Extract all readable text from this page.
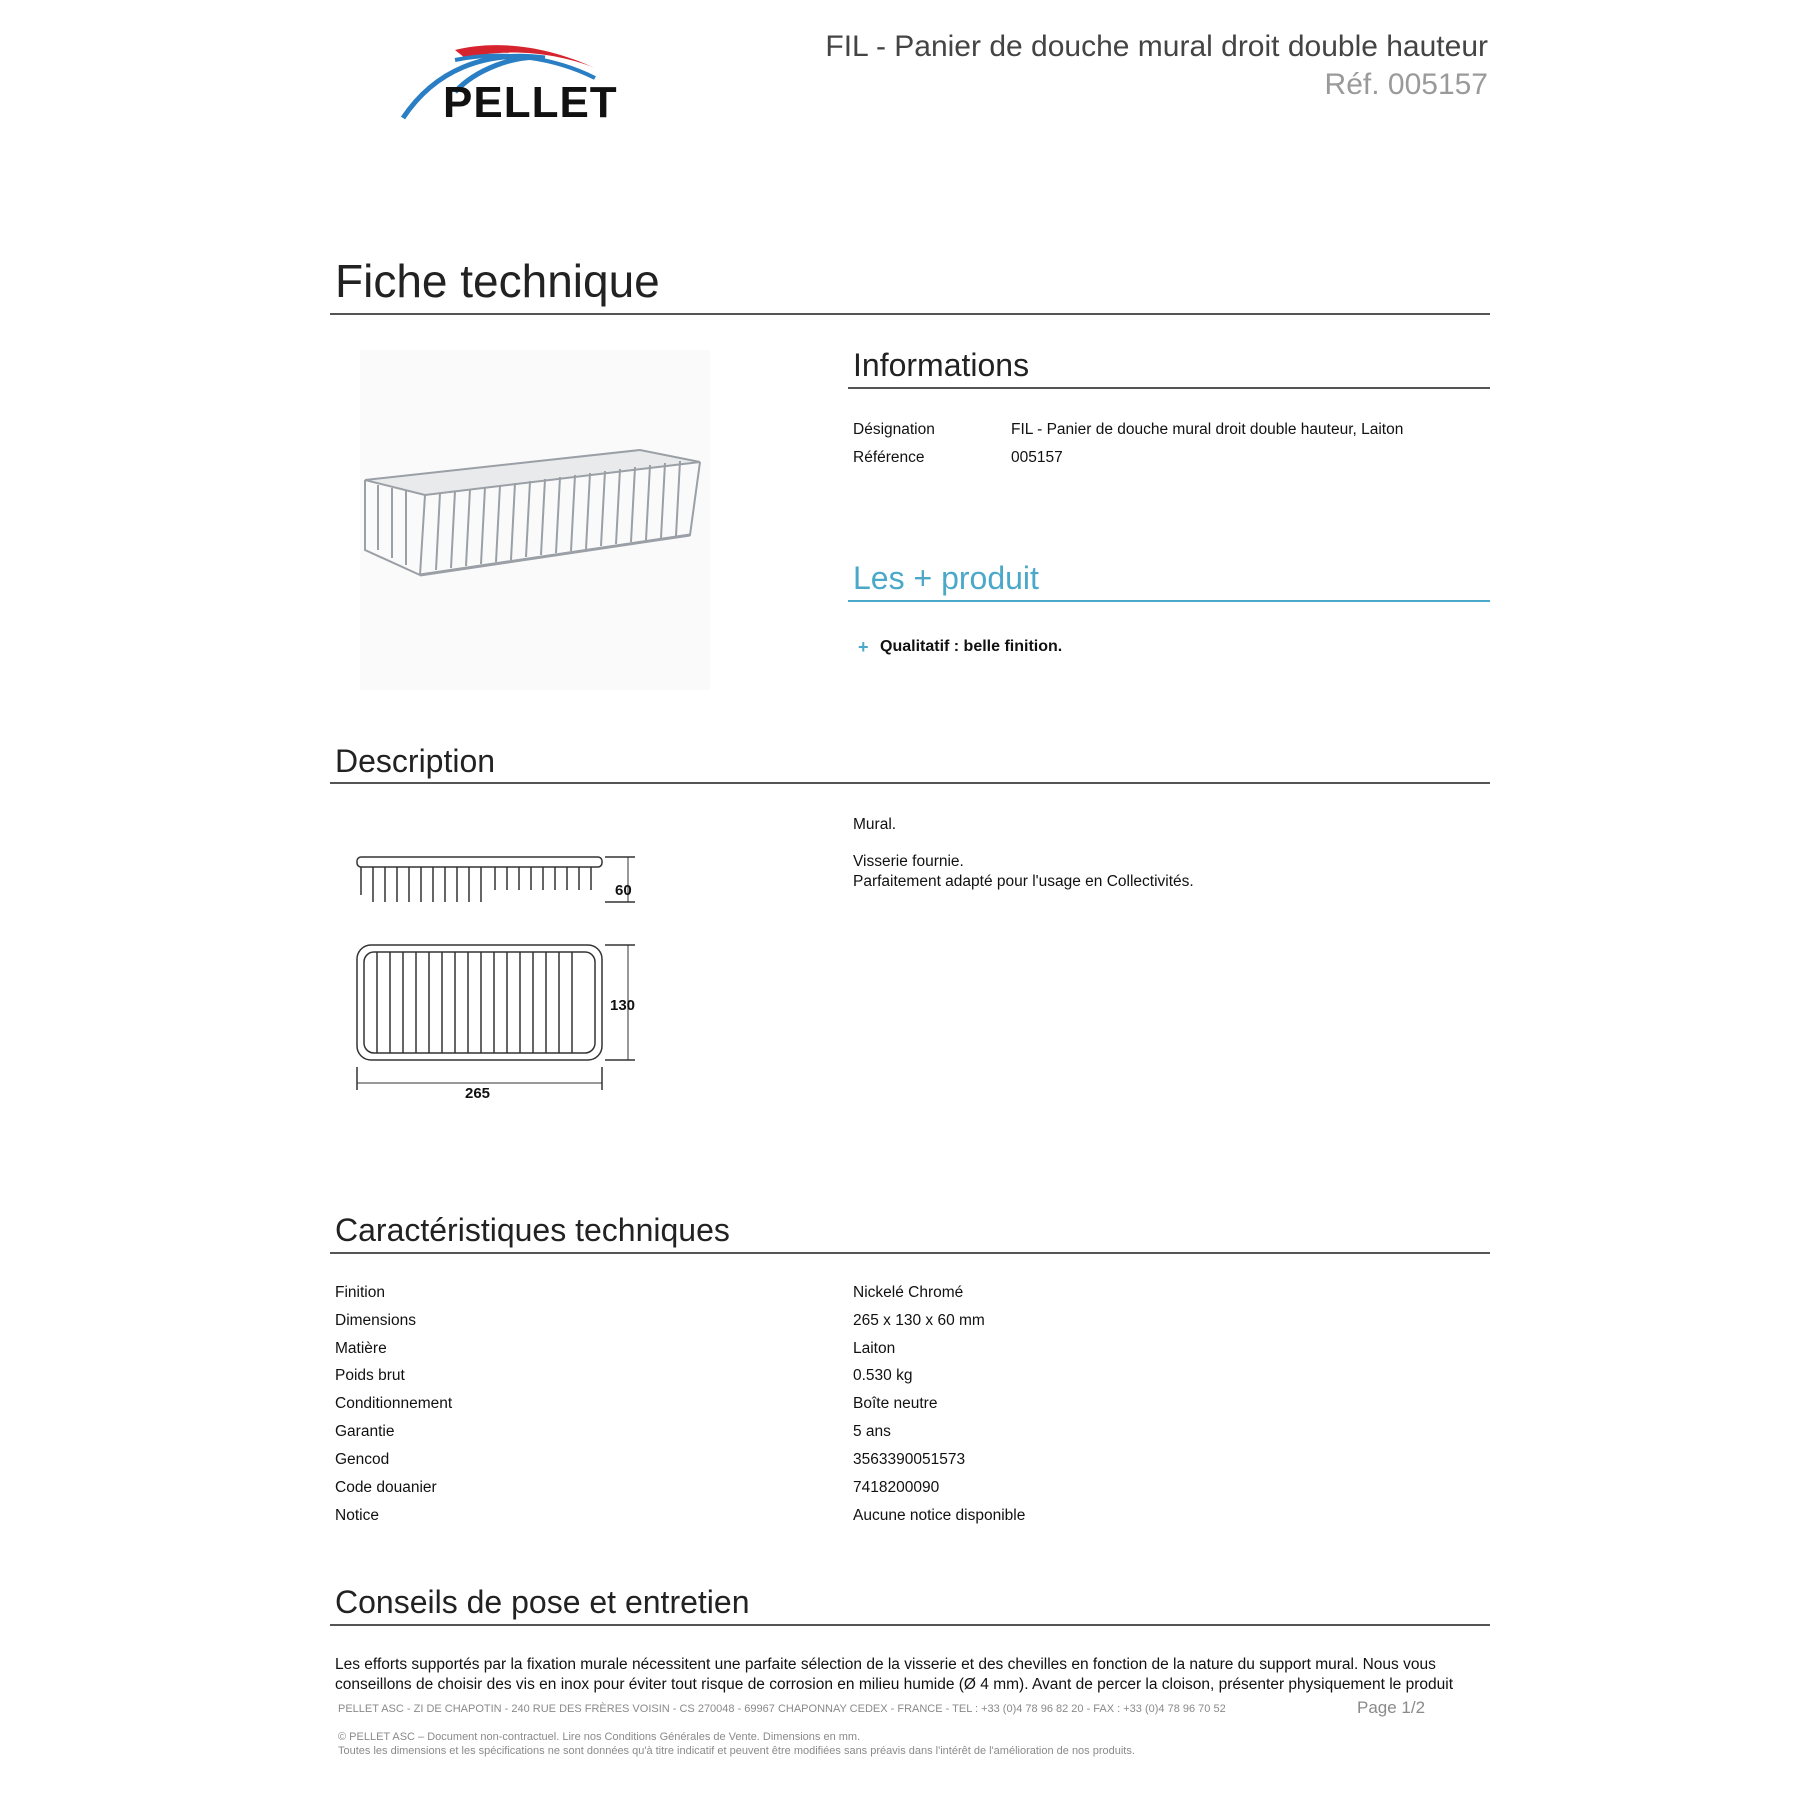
PELLET
FIL - Panier de douche mural droit double hauteur
Réf. 005157
Fiche technique
Informations
Désignation	FIL - Panier de douche mural droit double hauteur, Laiton
Référence	005157
Les + produit
+ Qualitatif : belle finition.
Description
Mural.
Visserie fournie.
Parfaitement adapté pour l'usage en Collectivités.
60
130
265
Caractéristiques techniques
Finition	Nickelé Chromé
Dimensions	265 x 130 x 60 mm
Matière	Laiton
Poids brut	0.530 kg
Conditionnement	Boîte neutre
Garantie	5 ans
Gencod	3563390051573
Code douanier	7418200090
Notice	Aucune notice disponible
Conseils de pose et entretien
Les efforts supportés par la fixation murale nécessitent une parfaite sélection de la visserie et des chevilles en fonction de la nature du support mural. Nous vous
conseillons de choisir des vis en inox pour éviter tout risque de corrosion en milieu humide (Ø 4 mm). Avant de percer la cloison, présenter physiquement le produit
PELLET ASC - ZI DE CHAPOTIN - 240 RUE DES FRÈRES VOISIN - CS 270048 - 69967 CHAPONNAY CEDEX - FRANCE - TEL : +33 (0)4 78 96 82 20 - FAX : +33 (0)4 78 96 70 52	Page 1/2
© PELLET ASC – Document non-contractuel. Lire nos Conditions Générales de Vente. Dimensions en mm.
Toutes les dimensions et les spécifications ne sont données qu'à titre indicatif et peuvent être modifiées sans préavis dans l'intérêt de l'amélioration de nos produits.
